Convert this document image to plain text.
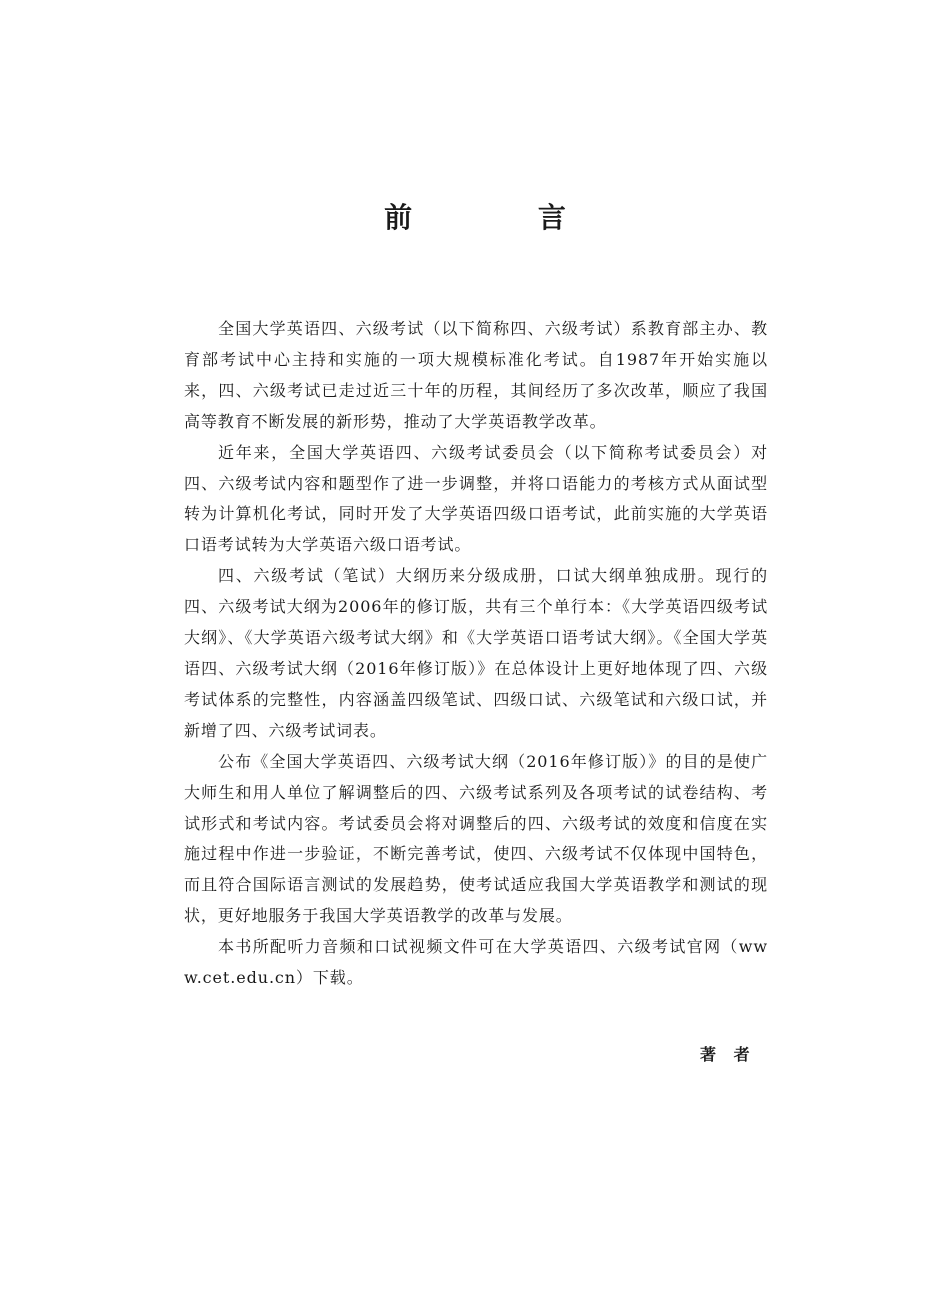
前 言

全国大学英语四、六级考试（以下简称四、六级考试）系教育部主办、教育部考试中心主持和实施的一项大规模标准化考试。自1987年开始实施以来，四、六级考试已走过近三十年的历程，其间经历了多次改革，顺应了我国高等教育不断发展的新形势，推动了大学英语教学改革。

近年来，全国大学英语四、六级考试委员会（以下简称考试委员会）对四、六级考试内容和题型作了进一步调整，并将口语能力的考核方式从面试型转为计算机化考试，同时开发了大学英语四级口语考试，此前实施的大学英语口语考试转为大学英语六级口语考试。

四、六级考试（笔试）大纲历来分级成册，口试大纲单独成册。现行的四、六级考试大纲为2006年的修订版，共有三个单行本：《大学英语四级考试大纲》、《大学英语六级考试大纲》和《大学英语口语考试大纲》。《全国大学英语四、六级考试大纲（2016年修订版）》在总体设计上更好地体现了四、六级考试体系的完整性，内容涵盖四级笔试、四级口试、六级笔试和六级口试，并新增了四、六级考试词表。

公布《全国大学英语四、六级考试大纲（2016年修订版）》的目的是使广大师生和用人单位了解调整后的四、六级考试系列及各项考试的试卷结构、考试形式和考试内容。考试委员会将对调整后的四、六级考试的效度和信度在实施过程中作进一步验证，不断完善考试，使四、六级考试不仅体现中国特色，而且符合国际语言测试的发展趋势，使考试适应我国大学英语教学和测试的现状，更好地服务于我国大学英语教学的改革与发展。

本书所配听力音频和口试视频文件可在大学英语四、六级考试官网（www.cet.edu.cn）下载。

著 者
